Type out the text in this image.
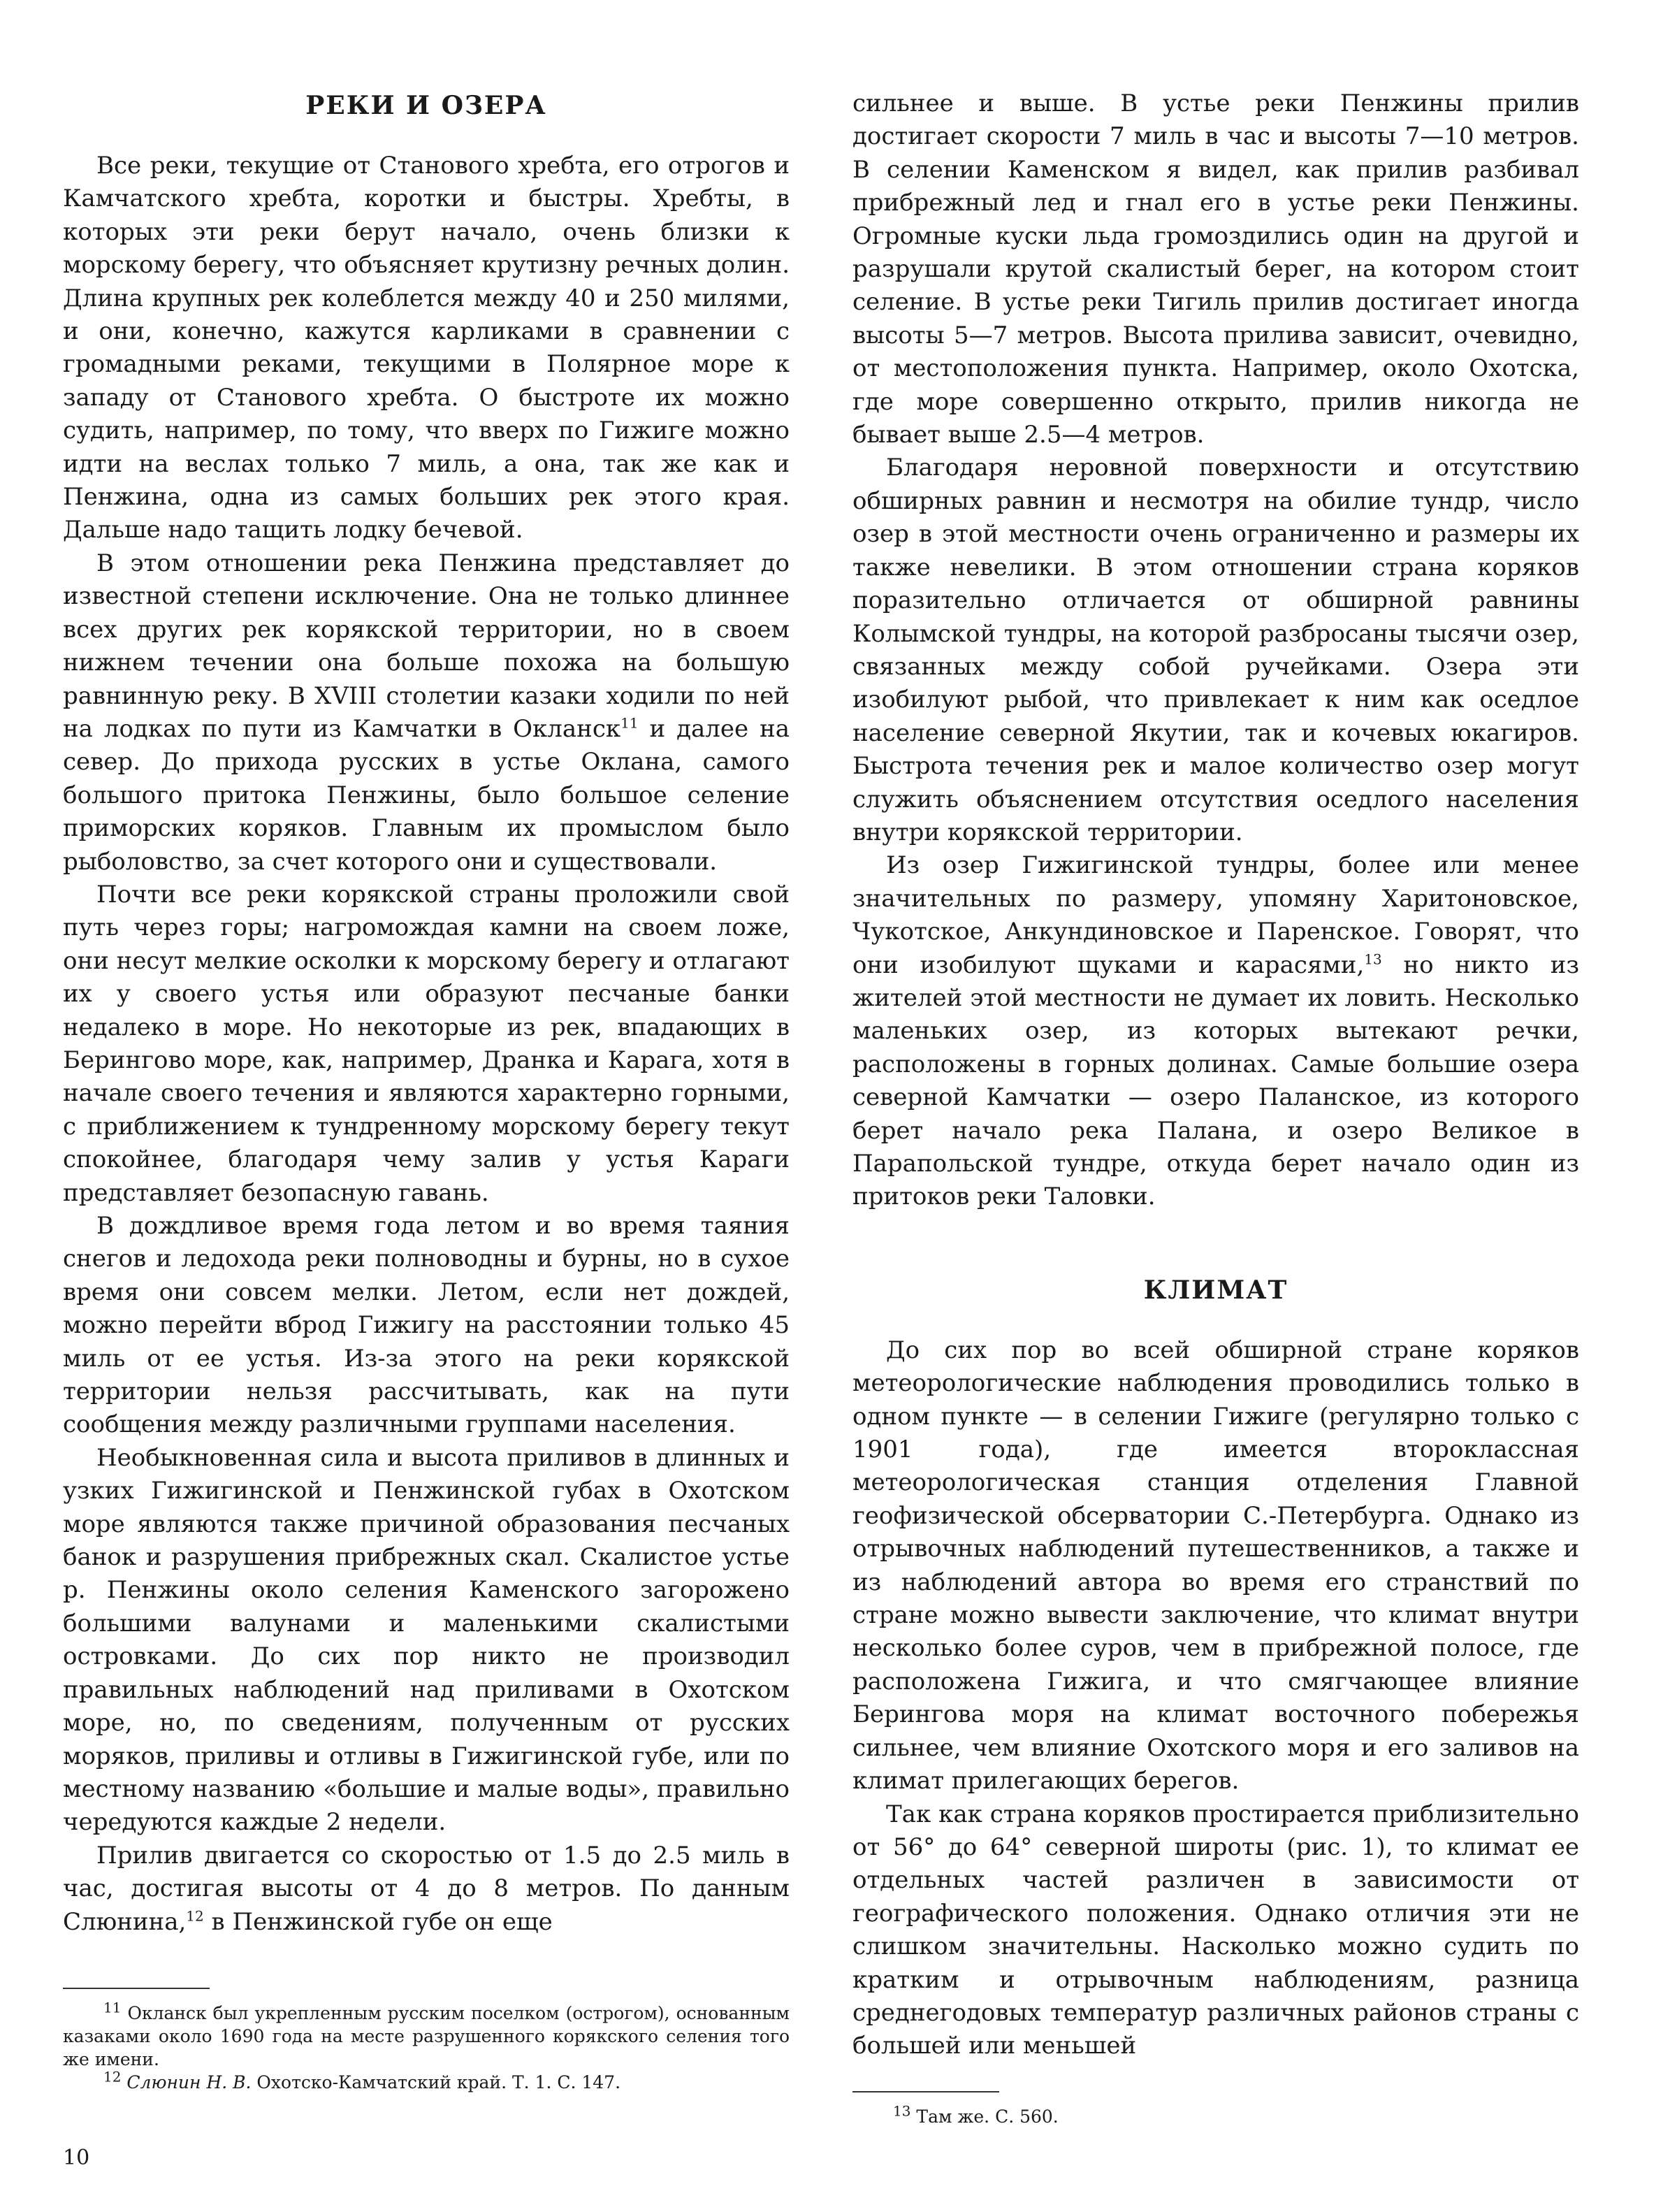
РЕКИ И ОЗЕРА

Все реки, текущие от Станового хребта, его отрогов и Камчатского хребта, коротки и быстры. Хребты, в которых эти реки берут начало, очень близки к морскому берегу, что объясняет крутизну речных долин. Длина крупных рек колеблется между 40 и 250 милями, и они, конечно, кажутся карликами в сравнении с громадными реками, текущими в Полярное море к западу от Станового хребта. О быстроте их можно судить, например, по тому, что вверх по Гижиге можно идти на веслах только 7 миль, а она, так же как и Пенжина, одна из самых больших рек этого края. Дальше надо тащить лодку бечевой.

В этом отношении река Пенжина представляет до известной степени исключение. Она не только длиннее всех других рек корякской территории, но в своем нижнем течении она больше похожа на большую равнинную реку. В XVIII столетии казаки ходили по ней на лодках по пути из Камчатки в Окланск$^{11}$ и далее на север. До прихода русских в устье Оклана, самого большого притока Пенжины, было большое селение приморских коряков. Главным их промыслом было рыболовство, за счет которого они и существовали.

Почти все реки корякской страны проложили свой путь через горы; нагромождая камни на своем ложе, они несут мелкие осколки к морскому берегу и отлагают их у своего устья или образуют песчаные банки недалеко в море. Но некоторые из рек, впадающих в Берингово море, как, например, Дранка и Карага, хотя в начале своего течения и являются характерно горными, с приближением к тундренному морскому берегу текут спокойнее, благодаря чему залив у устья Караги представляет безопасную гавань.

В дождливое время года летом и во время таяния снегов и ледохода реки полноводны и бурны, но в сухое время они совсем мелки. Летом, если нет дождей, можно перейти вброд Гижигу на расстоянии только 45 миль от ее устья. Из-за этого на реки корякской территории нельзя рассчитывать, как на пути сообщения между различными группами населения.

Необыкновенная сила и высота приливов в длинных и узких Гижигинской и Пенжинской губах в Охотском море являются также причиной образования песчаных банок и разрушения прибрежных скал. Скалистое устье р. Пенжины около селения Каменского загорожено большими валунами и маленькими скалистыми островками. До сих пор никто не производил правильных наблюдений над приливами в Охотском море, но, по сведениям, полученным от русских моряков, приливы и отливы в Гижигинской губе, или по местному названию «большие и малые воды», правильно чередуются каждые 2 недели.

Прилив двигается со скоростью от 1.5 до 2.5 миль в час, достигая высоты от 4 до 8 метров. По данным Слюнина,$^{12}$ в Пенжинской губе он еще

$^{11}$ Окланск был укрепленным русским поселком (острогом), основанным казаками около 1690 года на месте разрушенного корякского селения того же имени.

$^{12}$ Слюнин Н. В. Охотско-Камчатский край. Т. 1. С. 147.

сильнее и выше. В устье реки Пенжины прилив достигает скорости 7 миль в час и высоты 7—10 метров. В селении Каменском я видел, как прилив разбивал прибрежный лед и гнал его в устье реки Пенжины. Огромные куски льда громоздились один на другой и разрушали крутой скалистый берег, на котором стоит селение. В устье реки Тигиль прилив достигает иногда высоты 5—7 метров. Высота прилива зависит, очевидно, от местоположения пункта. Например, около Охотска, где море совершенно открыто, прилив никогда не бывает выше 2.5—4 метров.

Благодаря неровной поверхности и отсутствию обширных равнин и несмотря на обилие тундр, число озер в этой местности очень ограниченно и размеры их также невелики. В этом отношении страна коряков поразительно отличается от обширной равнины Колымской тундры, на которой разбросаны тысячи озер, связанных между собой ручейками. Озера эти изобилуют рыбой, что привлекает к ним как оседлое население северной Якутии, так и кочевых юкагиров. Быстрота течения рек и малое количество озер могут служить объяснением отсутствия оседлого населения внутри корякской территории.

Из озер Гижигинской тундры, более или менее значительных по размеру, упомяну Харитоновское, Чукотское, Анкундиновское и Паренское. Говорят, что они изобилуют щуками и карасями,$^{13}$ но никто из жителей этой местности не думает их ловить. Несколько маленьких озер, из которых вытекают речки, расположены в горных долинах. Самые большие озера северной Камчатки — озеро Паланское, из которого берет начало река Палана, и озеро Великое в Парапольской тундре, откуда берет начало один из притоков реки Таловки.

КЛИМАТ

До сих пор во всей обширной стране коряков метеорологические наблюдения проводились только в одном пункте — в селении Гижиге (регулярно только с 1901 года), где имеется второклассная метеорологическая станция отделения Главной геофизической обсерватории С.-Петербурга. Однако из отрывочных наблюдений путешественников, а также и из наблюдений автора во время его странствий по стране можно вывести заключение, что климат внутри несколько более суров, чем в прибрежной полосе, где расположена Гижига, и что смягчающее влияние Берингова моря на климат восточного побережья сильнее, чем влияние Охотского моря и его заливов на климат прилегающих берегов.

Так как страна коряков простирается приблизительно от 56° до 64° северной широты (рис. 1), то климат ее отдельных частей различен в зависимости от географического положения. Однако отличия эти не слишком значительны. Насколько можно судить по кратким и отрывочным наблюдениям, разница среднегодовых температур различных районов страны с большей или меньшей

$^{13}$ Там же. С. 560.

10
